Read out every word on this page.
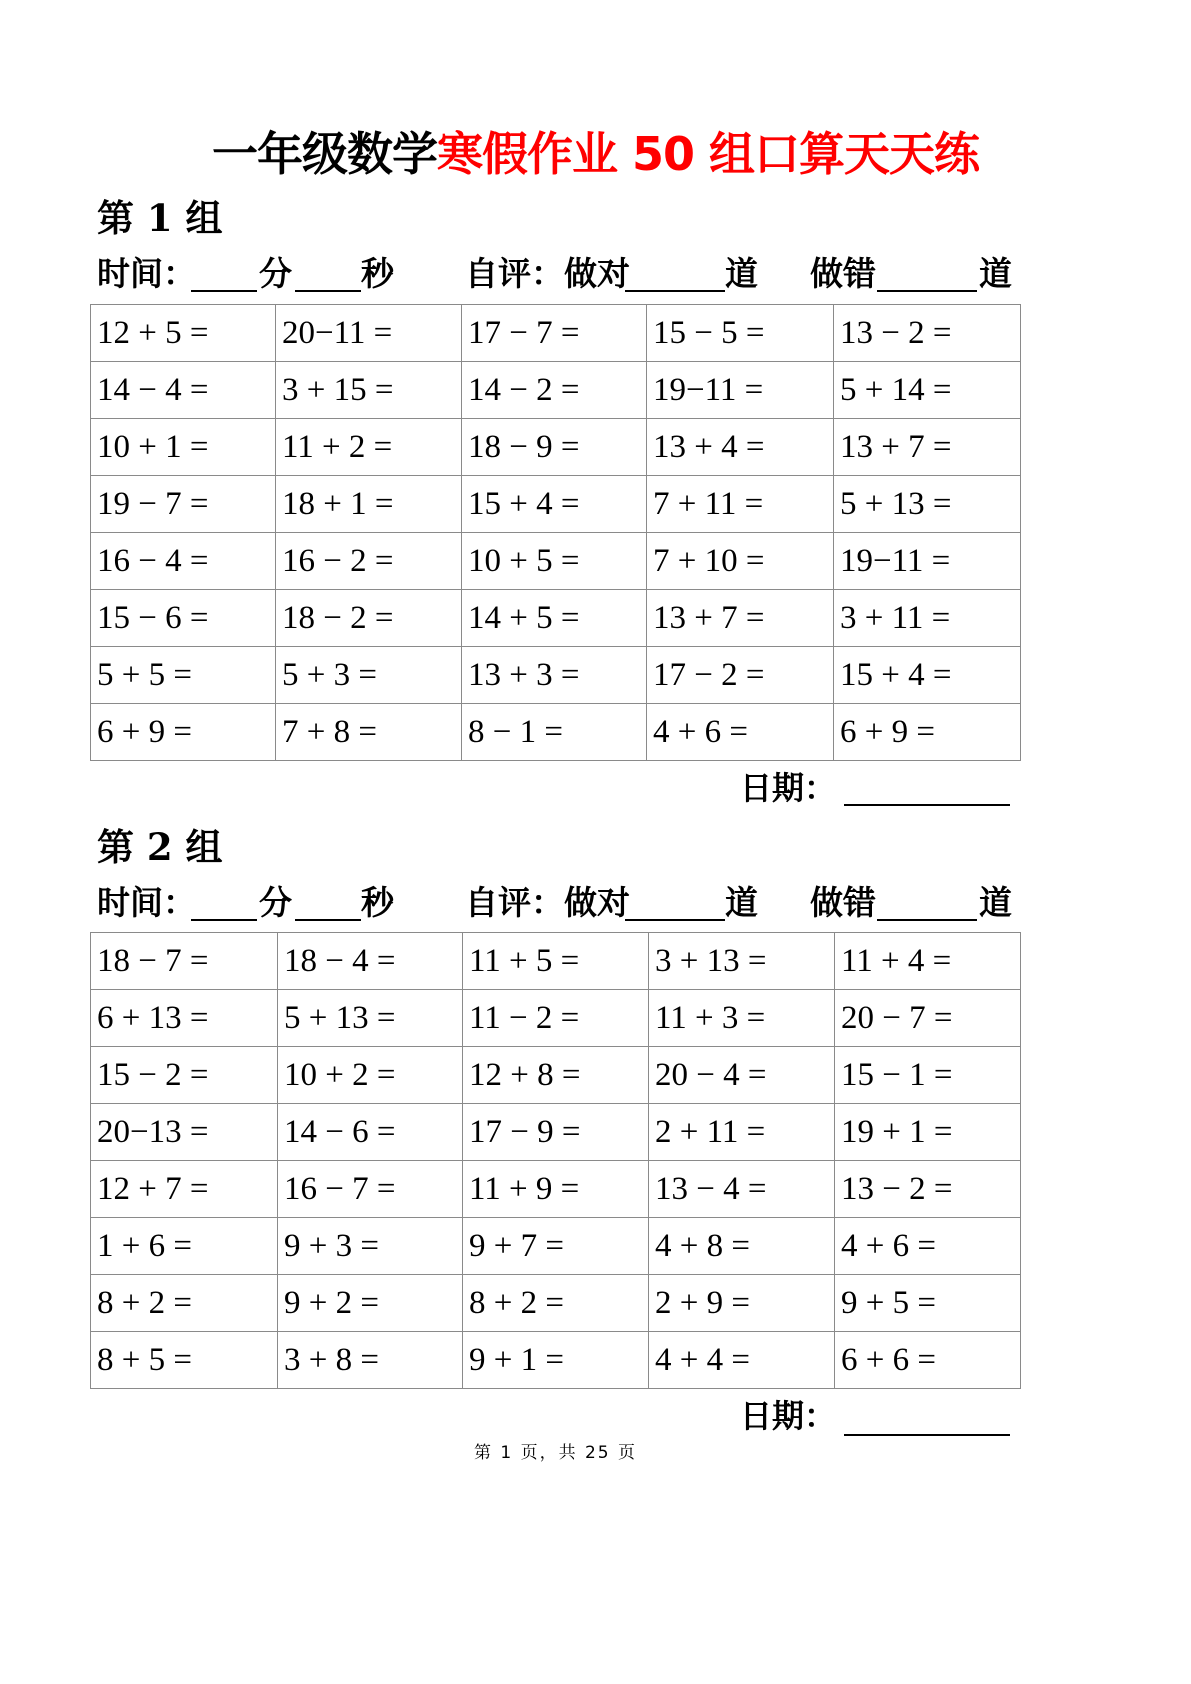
一年级数学寒假作业 50 组口算天天练
第 1 组
时间： 分 秒 自评：做对	道 做错	道
12 + 5 =	20−11 =	17 − 7 =	15 − 5 =	13 − 2 =
14 − 4 =	3 + 15 =	14 − 2 =	19−11 =	5 + 14 =
10 + 1 =	11 + 2 =	18 − 9 =	13 + 4 =	13 + 7 =
19 − 7 =	18 + 1 =	15 + 4 =	7 + 11 =	5 + 13 =
16 − 4 =	16 − 2 =	10 + 5 =	7 + 10 =	19−11 =
15 − 6 =	18 − 2 =	14 + 5 =	13 + 7 =	3 + 11 =
5 + 5 =	5 + 3 =	13 + 3 =	17 − 2 =	15 + 4 =
6 + 9 =	7 + 8 =	8 − 1 =	4 + 6 =	6 + 9 =
日期：
第 2 组
时间： 分 秒 自评：做对	道 做错	道
18 − 7 =	18 − 4 =	11 + 5 =	3 + 13 =	11 + 4 =
6 + 13 =	5 + 13 =	11 − 2 =	11 + 3 =	20 − 7 =
15 − 2 =	10 + 2 =	12 + 8 =	20 − 4 =	15 − 1 =
20−13 =	14 − 6 =	17 − 9 =	2 + 11 =	19 + 1 =
12 + 7 =	16 − 7 =	11 + 9 =	13 − 4 =	13 − 2 =
1 + 6 =	9 + 3 =	9 + 7 =	4 + 8 =	4 + 6 =
8 + 2 =	9 + 2 =	8 + 2 =	2 + 9 =	9 + 5 =
8 + 5 =	3 + 8 =	9 + 1 =	4 + 4 =	6 + 6 =
日期：
第 1 页，共 25 页
